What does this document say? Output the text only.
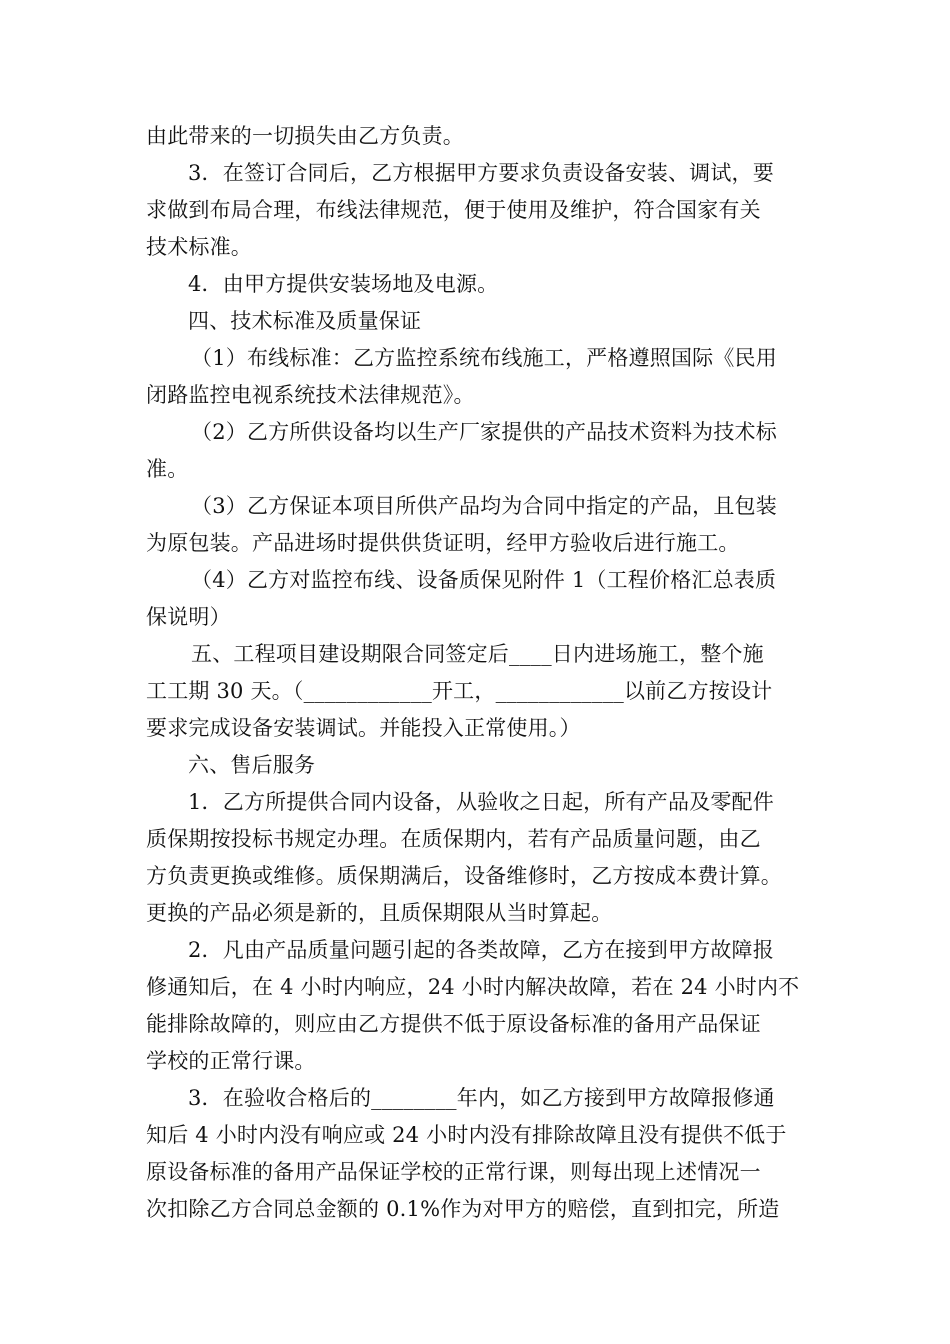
由此带来的一切损失由乙方负责。
3．在签订合同后，乙方根据甲方要求负责设备安装、调试，要
求做到布局合理，布线法律规范，便于使用及维护，符合国家有关
技术标准。
4．由甲方提供安装场地及电源。
四、技术标准及质量保证
（1）布线标准：乙方监控系统布线施工，严格遵照国际《民用
闭路监控电视系统技术法律规范》。
（2）乙方所供设备均以生产厂家提供的产品技术资料为技术标
准。
（3）乙方保证本项目所供产品均为合同中指定的产品，且包装
为原包装。产品进场时提供供货证明，经甲方验收后进行施工。
（4）乙方对监控布线、设备质保见附件 1（工程价格汇总表质
保说明）
五、工程项目建设期限合同签定后____日内进场施工，整个施
工工期 30 天。（____________开工，____________以前乙方按设计
要求完成设备安装调试。并能投入正常使用。）
六、售后服务
1．乙方所提供合同内设备，从验收之日起，所有产品及零配件
质保期按投标书规定办理。在质保期内，若有产品质量问题，由乙
方负责更换或维修。质保期满后，设备维修时，乙方按成本费计算。
更换的产品必须是新的，且质保期限从当时算起。
2．凡由产品质量问题引起的各类故障，乙方在接到甲方故障报
修通知后，在 4 小时内响应，24 小时内解决故障，若在 24 小时内不
能排除故障的，则应由乙方提供不低于原设备标准的备用产品保证
学校的正常行课。
3．在验收合格后的________年内，如乙方接到甲方故障报修通
知后 4 小时内没有响应或 24 小时内没有排除故障且没有提供不低于
原设备标准的备用产品保证学校的正常行课，则每出现上述情况一
次扣除乙方合同总金额的 0.1%作为对甲方的赔偿，直到扣完，所造
